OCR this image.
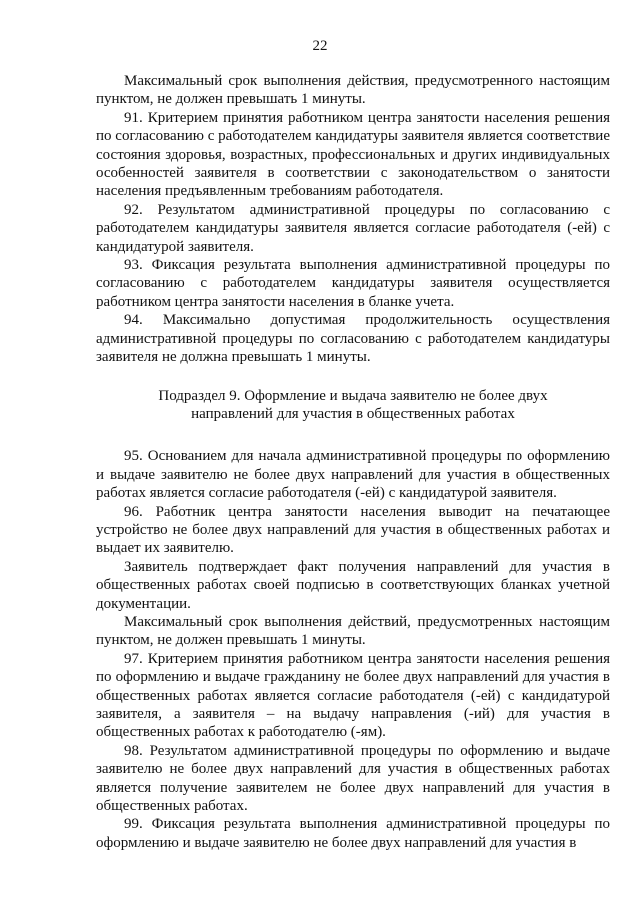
22

Максимальный срок выполнения действия, предусмотренного настоящим пунктом, не должен превышать 1 минуты.

91. Критерием принятия работником центра занятости населения решения по согласованию с работодателем кандидатуры заявителя является соответствие состояния здоровья, возрастных, профессиональных и других индивидуальных особенностей заявителя в соответствии с законодательством о занятости населения предъявленным требованиям работодателя.

92. Результатом административной процедуры по согласованию с работодателем кандидатуры заявителя является согласие работодателя (-ей) с кандидатурой заявителя.

93. Фиксация результата выполнения административной процедуры по согласованию с работодателем кандидатуры заявителя осуществляется работником центра занятости населения в бланке учета.

94. Максимально допустимая продолжительность осуществления административной процедуры по согласованию с работодателем кандидатуры заявителя не должна превышать 1 минуты.

Подраздел 9. Оформление и выдача заявителю не более двух
направлений для участия в общественных работах

95. Основанием для начала административной процедуры по оформлению и выдаче заявителю не более двух направлений для участия в общественных работах является согласие работодателя (-ей) с кандидатурой заявителя.

96. Работник центра занятости населения выводит на печатающее устройство не более двух направлений для участия в общественных работах и выдает их заявителю.

Заявитель подтверждает факт получения направлений для участия в общественных работах своей подписью в соответствующих бланках учетной документации.

Максимальный срок выполнения действий, предусмотренных настоящим пунктом, не должен превышать 1 минуты.

97. Критерием принятия работником центра занятости населения решения по оформлению и выдаче гражданину не более двух направлений для участия в общественных работах является согласие работодателя (-ей) с кандидатурой заявителя, а заявителя – на выдачу направления (-ий) для участия в общественных работах к работодателю (-ям).

98. Результатом административной процедуры по оформлению и выдаче заявителю не более двух направлений для участия в общественных работах является получение заявителем не более двух направлений для участия в общественных работах.

99. Фиксация результата выполнения административной процедуры по оформлению и выдаче заявителю не более двух направлений для участия в
